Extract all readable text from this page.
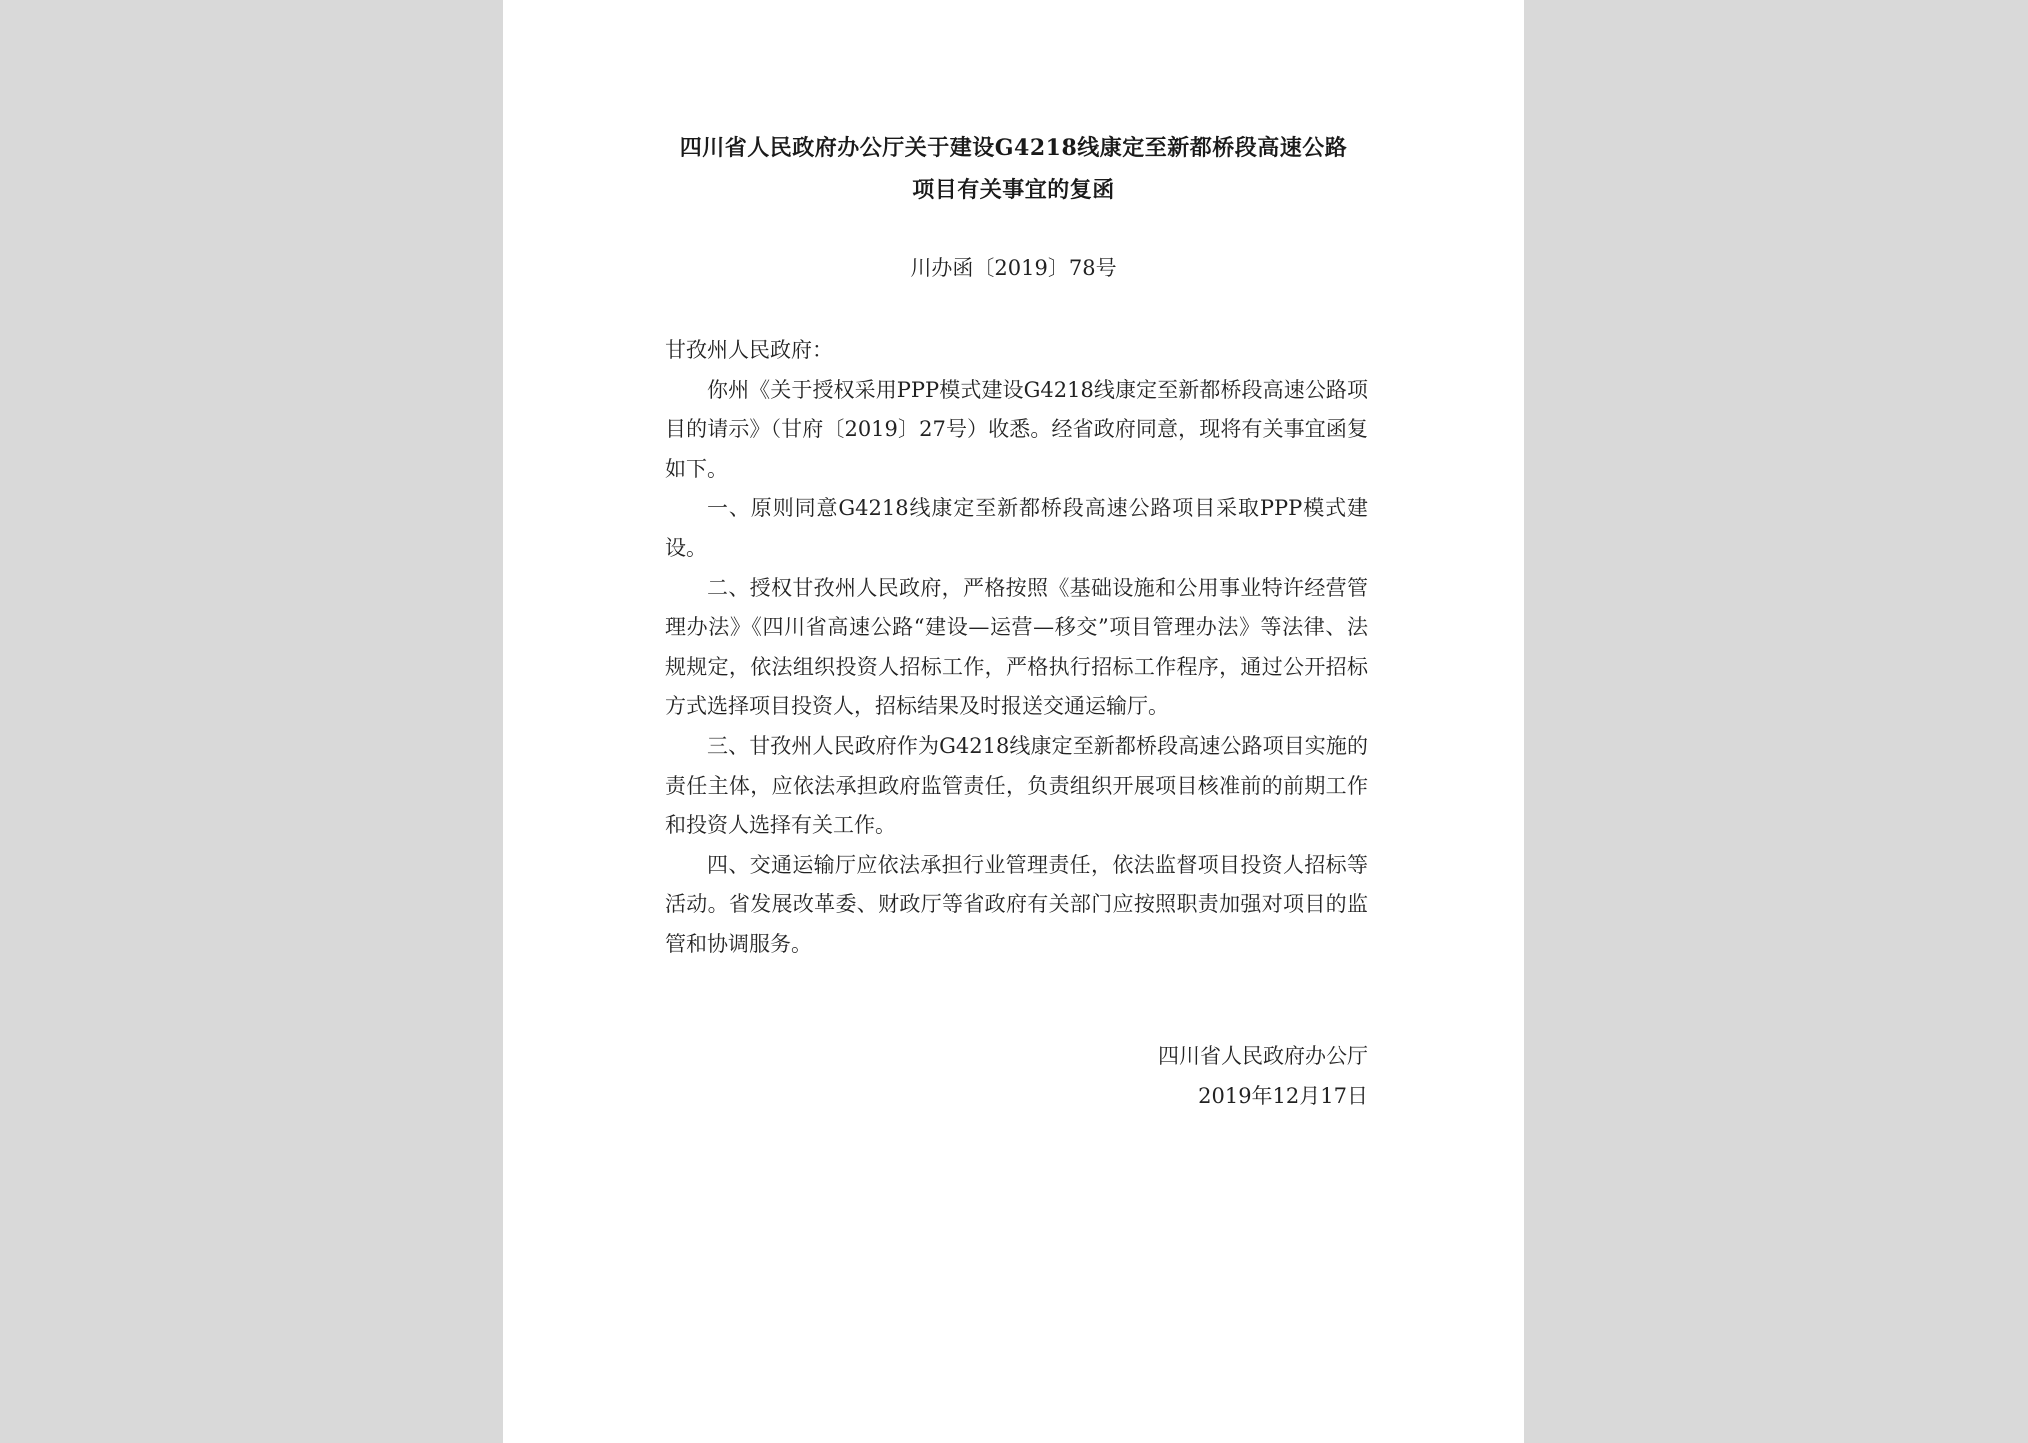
四川省人民政府办公厅关于建设G4218线康定至新都桥段高速公路
项目有关事宜的复函
川办函〔2019〕78号

甘孜州人民政府：

你州《关于授权采用PPP模式建设G4218线康定至新都桥段高速公路项目的请示》（甘府〔2019〕27号）收悉。经省政府同意，现将有关事宜函复如下。

一、原则同意G4218线康定至新都桥段高速公路项目采取PPP模式建设。

二、授权甘孜州人民政府，严格按照《基础设施和公用事业特许经营管理办法》《四川省高速公路“建设—运营—移交”项目管理办法》等法律、法规规定，依法组织投资人招标工作，严格执行招标工作程序，通过公开招标方式选择项目投资人，招标结果及时报送交通运输厅。

三、甘孜州人民政府作为G4218线康定至新都桥段高速公路项目实施的责任主体，应依法承担政府监管责任，负责组织开展项目核准前的前期工作和投资人选择有关工作。

四、交通运输厅应依法承担行业管理责任，依法监督项目投资人招标等活动。省发展改革委、财政厅等省政府有关部门应按照职责加强对项目的监管和协调服务。

四川省人民政府办公厅
2019年12月17日
